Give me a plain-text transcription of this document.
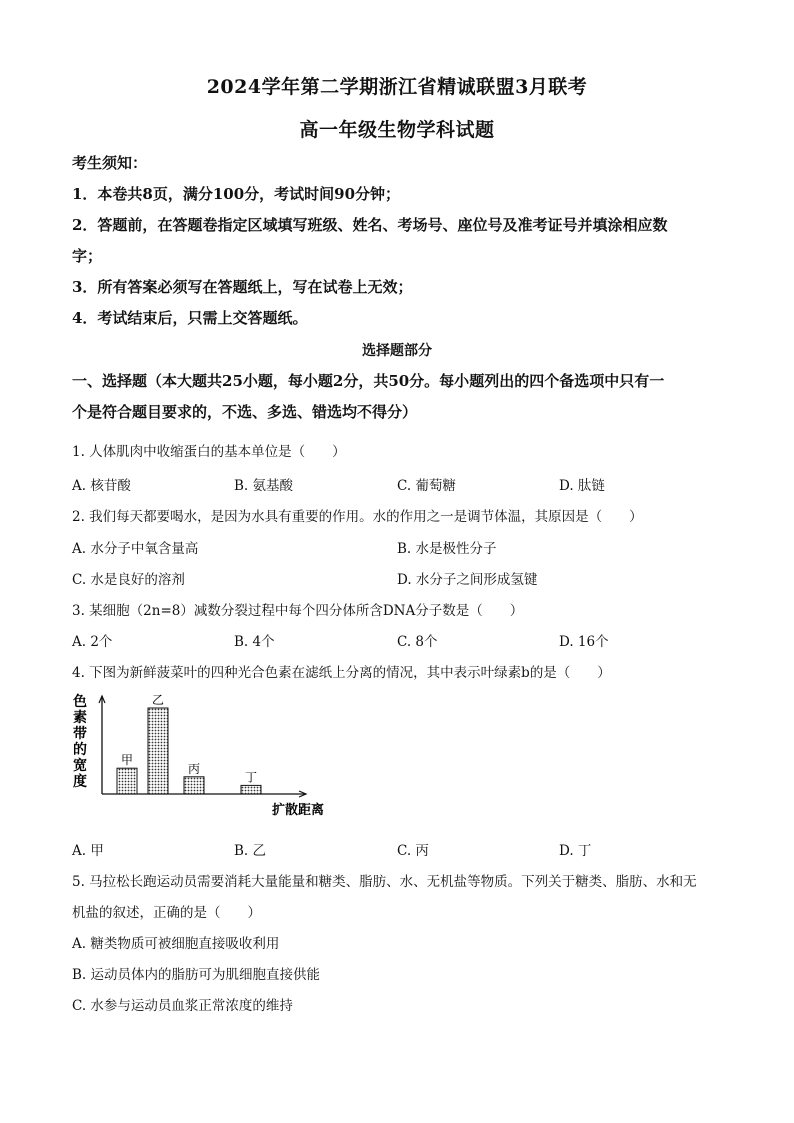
2024学年第二学期浙江省精诚联盟3月联考
高一年级生物学科试题
考生须知：
1．本卷共8页，满分100分，考试时间90分钟；
2．答题前，在答题卷指定区域填写班级、姓名、考场号、座位号及准考证号并填涂相应数
字；
3．所有答案必须写在答题纸上，写在试卷上无效；
4．考试结束后，只需上交答题纸。
选择题部分
一、选择题（本大题共25小题，每小题2分，共50分。每小题列出的四个备选项中只有一
个是符合题目要求的，不选、多选、错选均不得分）
1. 人体肌肉中收缩蛋白的基本单位是（　　）
A. 核苷酸	B. 氨基酸	C. 葡萄糖	D. 肽链
2. 我们每天都要喝水，是因为水具有重要的作用。水的作用之一是调节体温，其原因是（　　）
A. 水分子中氧含量高	B. 水是极性分子
C. 水是良好的溶剂	D. 水分子之间形成氢键
3. 某细胞（2n=8）减数分裂过程中每个四分体所含DNA分子数是（　　）
A. 2个	B. 4个	C. 8个	D. 16个
4. 下图为新鲜菠菜叶的四种光合色素在滤纸上分离的情况，其中表示叶绿素b的是（　　）
甲
乙
丙
丁
色素带的宽度
扩散距离
A. 甲	B. 乙	C. 丙	D. 丁
5. 马拉松长跑运动员需要消耗大量能量和糖类、脂肪、水、无机盐等物质。下列关于糖类、脂肪、水和无
机盐的叙述，正确的是（　　）
A. 糖类物质可被细胞直接吸收利用
B. 运动员体内的脂肪可为肌细胞直接供能
C. 水参与运动员血浆正常浓度的维持
